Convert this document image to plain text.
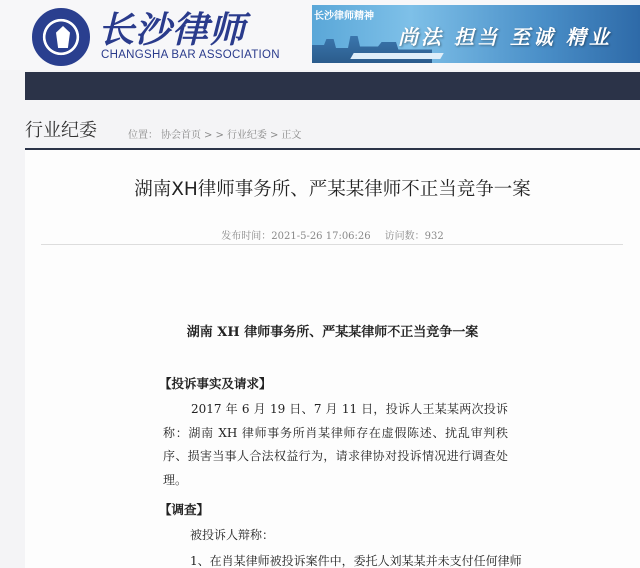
长沙律师
CHANGSHA BAR ASSOCIATION
长沙律师精神
尚法 担当 至诚 精业
行业纪委	位置： 协会首页 > > 行业纪委 > 正文
湖南XH律师事务所、严某某律师不正当竞争一案
发布时间：2021-5-26 17:06:26 访问数：932
湖南 XH 律师事务所、严某某律师不正当竞争一案
【投诉事实及请求】
2017 年 6 月 19 日、7 月 11 日，投诉人王某某两次投诉称：湖南 XH 律师事务所肖某律师存在虚假陈述、扰乱审判秩序、损害当事人合法权益行为，请求律协对投诉情况进行调查处理。
【调查】
被投诉人辩称：
1、在肖某律师被投诉案件中，委托人刘某某并未支付任何律师
